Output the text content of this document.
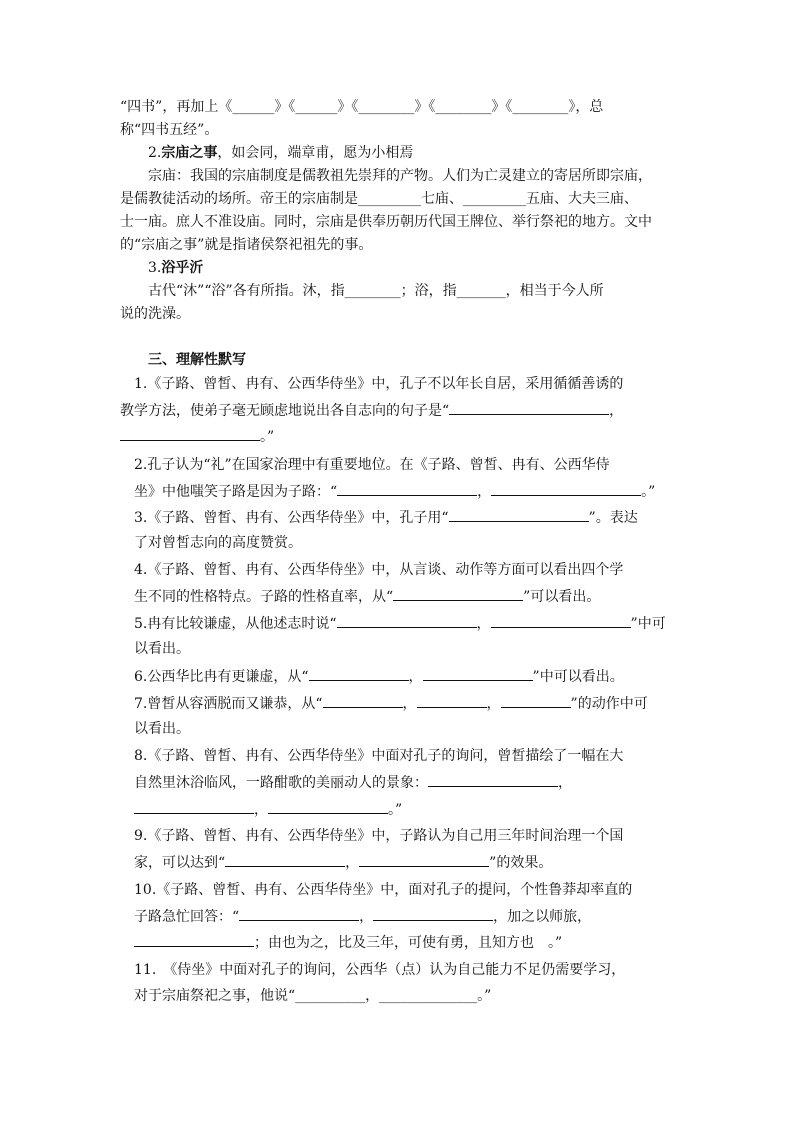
“四书”，再加上《______》《______》《________》《________》《________》，总
称“四书五经”。
2.宗庙之事，如会同，端章甫，愿为小相焉
宗庙：我国的宗庙制度是儒教祖先崇拜的产物。人们为亡灵建立的寄居所即宗庙，
是儒教徒活动的场所。帝王的宗庙制是_________七庙、_________五庙、大夫三庙、
士一庙。庶人不准设庙。同时，宗庙是供奉历朝历代国王牌位、举行祭祀的地方。文中
的“宗庙之事”就是指诸侯祭祀祖先的事。
3.浴乎沂
古代“沐”“浴”各有所指。沐，指________；浴，指_______，相当于今人所
说的洗澡。
三、理解性默写
1.《子路、曾皙、冉有、公西华侍坐》中，孔子不以年长自居，采用循循善诱的
教学方法，使弟子毫无顾虑地说出各自志向的句子是“	，
。”
2.孔子认为“礼”在国家治理中有重要地位。在《子路、曾皙、冉有、公西华侍
坐》中他嗤笑子路是因为子路：“	，	。”
3.《子路、曾皙、冉有、公西华侍坐》中，孔子用“	”。表达
了对曾皙志向的高度赞赏。
4.《子路、曾皙、冉有、公西华侍坐》中，从言谈、动作等方面可以看出四个学
生不同的性格特点。子路的性格直率，从“	”可以看出。
5.冉有比较谦虚，从他述志时说“	，	”中可
以看出。
6.公西华比冉有更谦虚，从“	，	”中可以看出。
7.曾皙从容洒脱而又谦恭，从“	，	，	”的动作中可
以看出。
8.《子路、曾皙、冉有、公西华侍坐》中面对孔子的询问，曾皙描绘了一幅在大
自然里沐浴临风，一路酣歌的美丽动人的景象：	，
，	。”
9.《子路、曾皙、冉有、公西华侍坐》中，子路认为自己用三年时间治理一个国
家，可以达到“	，	”的效果。
10.《子路、曾皙、冉有、公西华侍坐》中，面对孔子的提问，个性鲁莽却率直的
子路急忙回答：“	，	，加之以师旅，
；由也为之，比及三年，可使有勇，且知方也　。”
11.　《侍坐》中面对孔子的询问，公西华（点）认为自己能力不足仍需要学习，
对于宗庙祭祀之事，他说“__________，______________。”
